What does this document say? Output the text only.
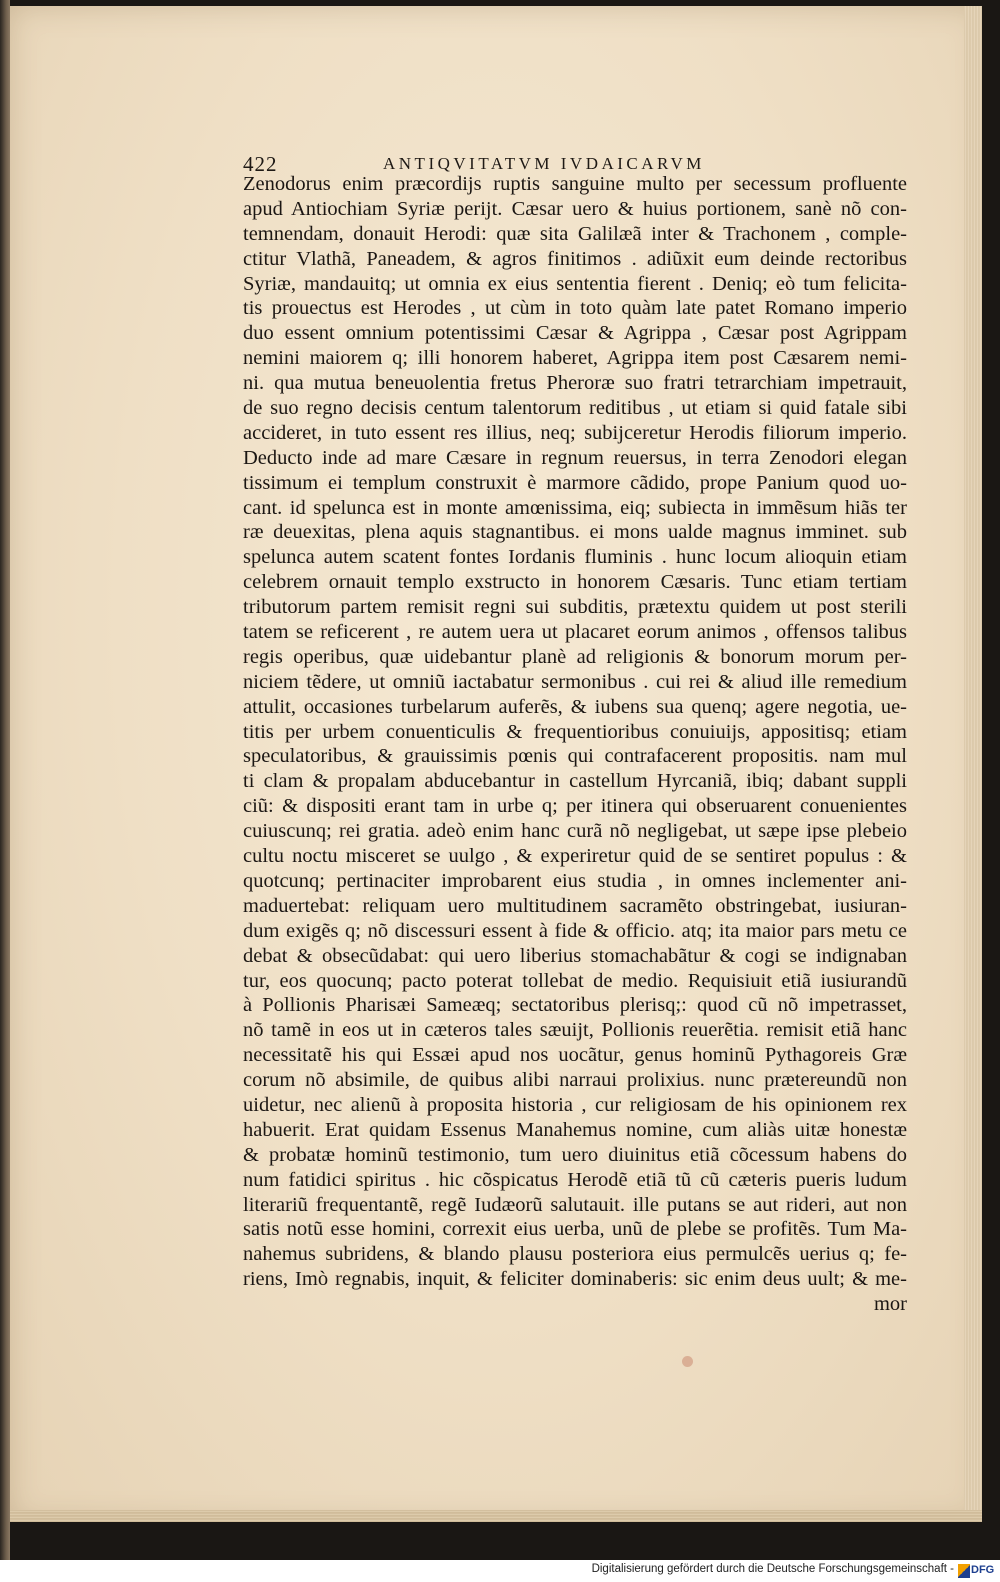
422	ANTIQVITATVM IVDAICARVM
Zenodorus enim præcordijs ruptis sanguine multo per secessum profluente
apud Antiochiam Syriæ perijt. Cæsar uero & huius portionem, sanè nõ con-
temnendam, donauit Herodi: quæ sita Galilæã inter & Trachonem , comple-
ctitur Vlathã, Paneadem, & agros finitimos . adiũxit eum deinde rectoribus
Syriæ, mandauitq; ut omnia ex eius sententia fierent . Deniq; eò tum felicita-
tis prouectus est Herodes , ut cùm in toto quàm late patet Romano imperio
duo essent omnium potentissimi Cæsar & Agrippa , Cæsar post Agrippam
nemini maiorem q; illi honorem haberet, Agrippa item post Cæsarem nemi-
ni. qua mutua beneuolentia fretus Pheroræ suo fratri tetrarchiam impetrauit,
de suo regno decisis centum talentorum reditibus , ut etiam si quid fatale sibi
accideret, in tuto essent res illius, neq; subijceretur Herodis filiorum imperio.
Deducto inde ad mare Cæsare in regnum reuersus, in terra Zenodori elegan
tissimum ei templum construxit è marmore cãdido, prope Panium quod uo-
cant. id spelunca est in monte amœnissima, eiq; subiecta in immẽsum hiãs ter
ræ deuexitas, plena aquis stagnantibus. ei mons ualde magnus imminet. sub
spelunca autem scatent fontes Iordanis fluminis . hunc locum alioquin etiam
celebrem ornauit templo exstructo in honorem Cæsaris. Tunc etiam tertiam
tributorum partem remisit regni sui subditis, prætextu quidem ut post sterili
tatem se reficerent , re autem uera ut placaret eorum animos , offensos talibus
regis operibus, quæ uidebantur planè ad religionis & bonorum morum per-
niciem tẽdere, ut omniũ iactabatur sermonibus . cui rei & aliud ille remedium
attulit, occasiones turbelarum auferẽs, & iubens sua quenq; agere negotia, ue-
titis per urbem conuenticulis & frequentioribus conuiuijs, appositisq; etiam
speculatoribus, & grauissimis pœnis qui contrafacerent propositis. nam mul
ti clam & propalam abducebantur in castellum Hyrcaniã, ibiq; dabant suppli
ciũ: & dispositi erant tam in urbe q; per itinera qui obseruarent conuenientes
cuiuscunq; rei gratia. adeò enim hanc curã nõ negligebat, ut sæpe ipse plebeio
cultu noctu misceret se uulgo , & experiretur quid de se sentiret populus : &
quotcunq; pertinaciter improbarent eius studia , in omnes inclementer ani-
maduertebat: reliquam uero multitudinem sacramẽto obstringebat, iusiuran-
dum exigẽs q; nõ discessuri essent à fide & officio. atq; ita maior pars metu ce
debat & obsecũdabat: qui uero liberius stomachabãtur & cogi se indignaban
tur, eos quocunq; pacto poterat tollebat de medio. Requisiuit etiã iusiurandũ
à Pollionis Pharisæi Sameæq; sectatoribus plerisq;: quod cũ nõ impetrasset,
nõ tamẽ in eos ut in cæteros tales sæuijt, Pollionis reuerẽtia. remisit etiã hanc
necessitatẽ his qui Essæi apud nos uocãtur, genus hominũ Pythagoreis Græ
corum nõ absimile, de quibus alibi narraui prolixius. nunc prætereundũ non
uidetur, nec alienũ à proposita historia , cur religiosam de his opinionem rex
habuerit. Erat quidam Essenus Manahemus nomine, cum aliàs uitæ honestæ
& probatæ hominũ testimonio, tum uero diuinitus etiã cõcessum habens do
num fatidici spiritus . hic cõspicatus Herodẽ etiã tũ cũ cæteris pueris ludum
literariũ frequentantẽ, regẽ Iudæorũ salutauit. ille putans se aut rideri, aut non
satis notũ esse homini, correxit eius uerba, unũ de plebe se profitẽs. Tum Ma-
nahemus subridens, & blando plausu posteriora eius permulcẽs uerius q; fe-
riens, Imò regnabis, inquit, & feliciter dominaberis: sic enim deus uult; & me-
mor
Digitalisierung gefördert durch die Deutsche Forschungsgemeinschaft - DFG
